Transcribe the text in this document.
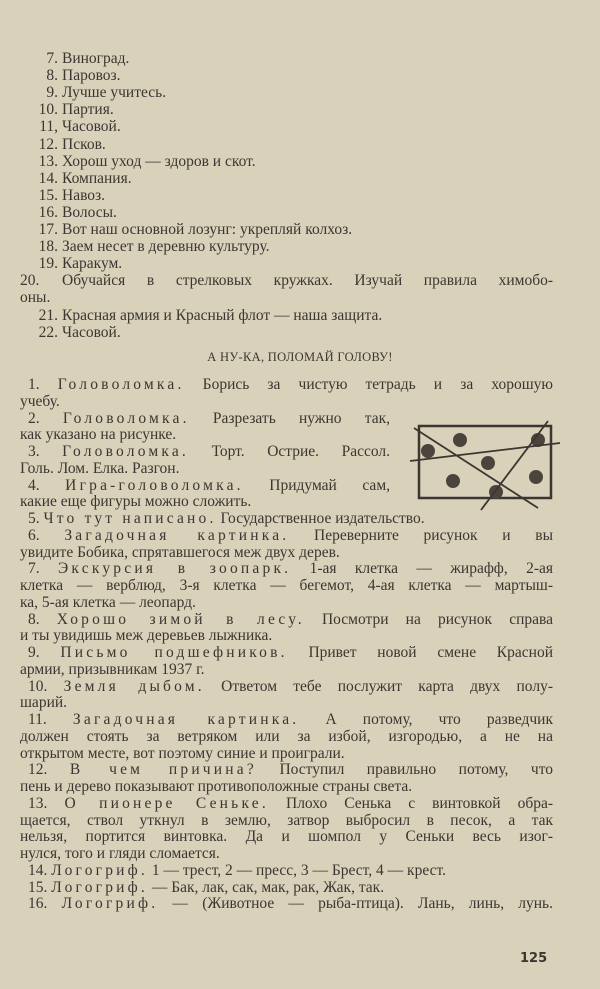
7. Виноград.
8. Паровоз.
9. Лучше учитесь.
10. Партия.
11, Часовой.
12. Псков.
13. Хорош уход — здоров и скот.
14. Компания.
15. Навоз.
16. Волосы.
17. Вот наш основной лозунг: укрепляй колхоз.
18. Заем несет в деревню культуру.
19. Каракум.
20. Обучайся в стрелковых кружках. Изучай правила химобо-
оны.
21. Красная армия и Красный флот — наша защита.
22. Часовой.
А НУ-КА, ПОЛОМАЙ ГОЛОВУ!
1. Головоломка. Борись за чистую тетрадь и за хорошую
учебу.
2. Головоломка. Разрезать нужно так,
как указано на рисунке.
3. Головоломка. Торт. Острие. Рассол.
Голь. Лом. Елка. Разгон.
4. Игра-головоломка. Придумай сам,
какие еще фигуры можно сложить.
5. Что тут написано. Государственное издательство.
6. Загадочная картинка. Переверните рисунок и вы
увидите Бобика, спрятавшегося меж двух дерев.
7. Экскурсия в зоопарк. 1-ая клетка — жирафф, 2-ая
клетка — верблюд, 3-я клетка — бегемот, 4-ая клетка — мартыш-
ка, 5-ая клетка — леопард.
8. Хорошо зимой в лесу. Посмотри на рисунок справа
и ты увидишь меж деревьев лыжника.
9. Письмо подшефников. Привет новой смене Красной
армии, призывникам 1937 г.
10. Земля дыбом. Ответом тебе послужит карта двух полу-
шарий.
11. Загадочная картинка. А потому, что разведчик
должен стоять за ветряком или за избой, изгородью, а не на
открытом месте, вот поэтому синие и проиграли.
12. В чем причина? Поступил правильно потому, что
пень и дерево показывают противоположные страны света.
13. О пионере Сеньке. Плохо Сенька с винтовкой обра-
щается, ствол уткнул в землю, затвор выбросил в песок, а так
нельзя, портится винтовка. Да и шомпол у Сеньки весь изог-
нулся, того и гляди сломается.
14. Логогриф. 1 — трест, 2 — пресс, 3 — Брест, 4 — крест.
15. Логогриф. — Бак, лак, сак, мак, рак, Жак, так.
16. Логогриф. — (Животное — рыба-птица). Лань, линь, лунь.
125
